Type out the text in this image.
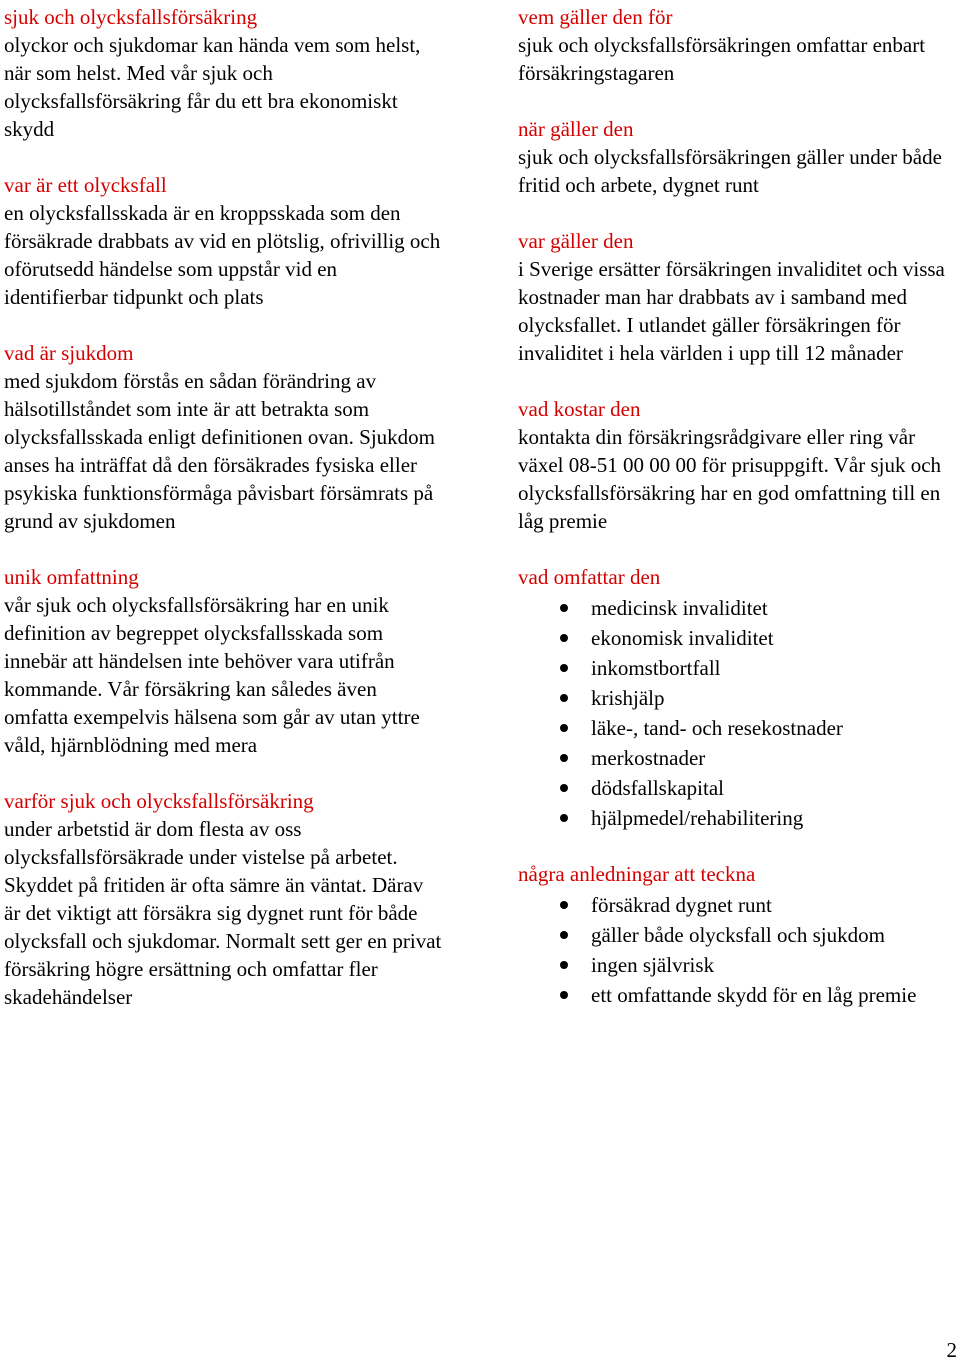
sjuk och olycksfallsförsäkring
olyckor och sjukdomar kan hända vem som helst, när som helst. Med vår sjuk och olycksfallsförsäkring får du ett bra ekonomiskt skydd
var är ett olycksfall
en olycksfallsskada är en kroppsskada som den försäkrade drabbats av vid en plötslig, ofrivillig och oförutsedd händelse som uppstår vid en identifierbar tidpunkt och plats
vad är sjukdom
med sjukdom förstås en sådan förändring av hälsotillståndet som inte är att betrakta som olycksfallsskada enligt definitionen ovan. Sjukdom anses ha inträffat då den försäkrades fysiska eller psykiska funktionsförmåga påvisbart försämrats på grund av sjukdomen
unik omfattning
vår sjuk och olycksfallsförsäkring har en unik definition av begreppet olycksfallsskada som innebär att händelsen inte behöver vara utifrån kommande. Vår försäkring kan således även omfatta exempelvis hälsena som går av utan yttre våld, hjärnblödning med mera
varför sjuk och olycksfallsförsäkring
under arbetstid är dom flesta av oss olycksfallsförsäkrade under vistelse på arbetet. Skyddet på fritiden är ofta sämre än väntat. Därav är det viktigt att försäkra sig dygnet runt för både olycksfall och sjukdomar. Normalt sett ger en privat försäkring högre ersättning och omfattar fler skadehändelser
vem gäller den för
sjuk och olycksfallsförsäkringen omfattar enbart försäkringstagaren
när gäller den
sjuk och olycksfallsförsäkringen gäller under både fritid och arbete, dygnet runt
var gäller den
i Sverige ersätter försäkringen invaliditet och vissa kostnader man har drabbats av i samband med olycksfallet. I utlandet gäller försäkringen för invaliditet i hela världen i upp till 12 månader
vad kostar den
kontakta din försäkringsrådgivare eller ring vår växel 08-51 00 00 00 för prisuppgift. Vår sjuk och olycksfallsförsäkring har en god omfattning till en låg premie
vad omfattar den
medicinsk invaliditet
ekonomisk invaliditet
inkomstbortfall
krishjälp
läke-, tand- och resekostnader
merkostnader
dödsfallskapital
hjälpmedel/rehabilitering
några anledningar att teckna
försäkrad dygnet runt
gäller både olycksfall och sjukdom
ingen självrisk
ett omfattande skydd för en låg premie
2
